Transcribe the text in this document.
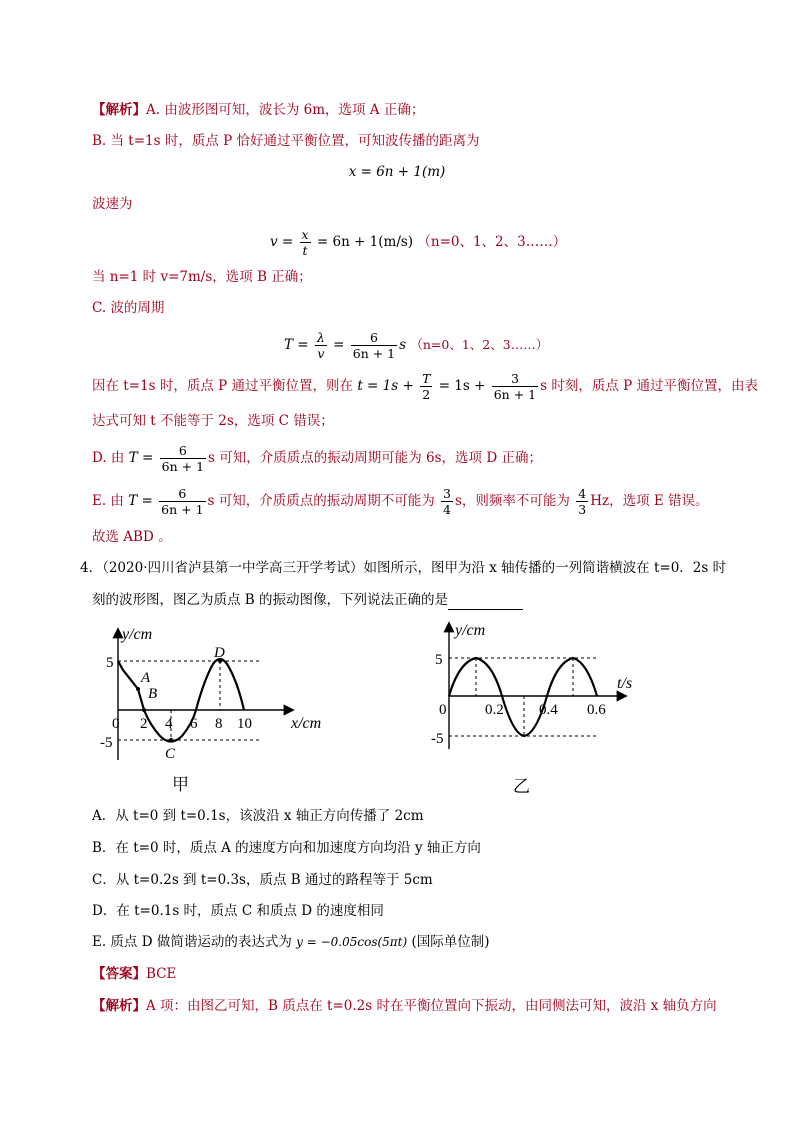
【解析】A. 由波形图可知，波长为 6m，选项 A 正确；
B. 当 t=1s 时，质点 P 恰好通过平衡位置，可知波传播的距离为
x = 6n + 1(m)
波速为
$v = \frac{x}{t} = 6n + 1(m/s)$ （n=0、1、2、3……）
当 n=1 时 v=7m/s，选项 B 正确；
C. 波的周期
$T = \frac{\lambda}{v} = \frac{6}{6n + 1}$ s （n=0、1、2、3……）
因在 t=1s 时，质点 P 通过平衡位置，则在 $t = 1s + \frac{T}{2} = 1s + \frac{3}{6n + 1}$ s 时刻，质点 P 通过平衡位置，由表
达式可知 t 不能等于 2s，选项 C 错误；
D. 由 $T = \frac{6}{6n + 1}$ s 可知，介质质点的振动周期可能为 6s，选项 D 正确；
E. 由 $T = \frac{6}{6n + 1}$ s 可知，介质质点的振动周期不可能为 $\frac{3}{4}$ s，则频率不可能为 $\frac{4}{3}$ Hz，选项 E 错误。
故选 ABD 。
4．（2020·四川省泸县第一中学高三开学考试）如图所示，图甲为沿 x 轴传播的一列简谐横波在 t=0．2s 时
刻的波形图，图乙为质点 B 的振动图像，下列说法正确的是
y/cm
x/cm
5
-5
0 2 4 6 8 10
A
B
C
D
甲
y/cm
t/s
5
-5
0	0.2 0.4 0.6
乙
A．从 t=0 到 t=0.1s，该波沿 x 轴正方向传播了 2cm
B．在 t=0 时，质点 A 的速度方向和加速度方向均沿 y 轴正方向
C．从 t=0.2s 到 t=0.3s，质点 B 通过的路程等于 5cm
D．在 t=0.1s 时，质点 C 和质点 D 的速度相同
E. 质点 D 做简谐运动的表达式为 y = −0.05cos(5πt) (国际单位制)
【答案】BCE
【解析】A 项：由图乙可知，B 质点在 t=0.2s 时在平衡位置向下振动，由同侧法可知，波沿 x 轴负方向
